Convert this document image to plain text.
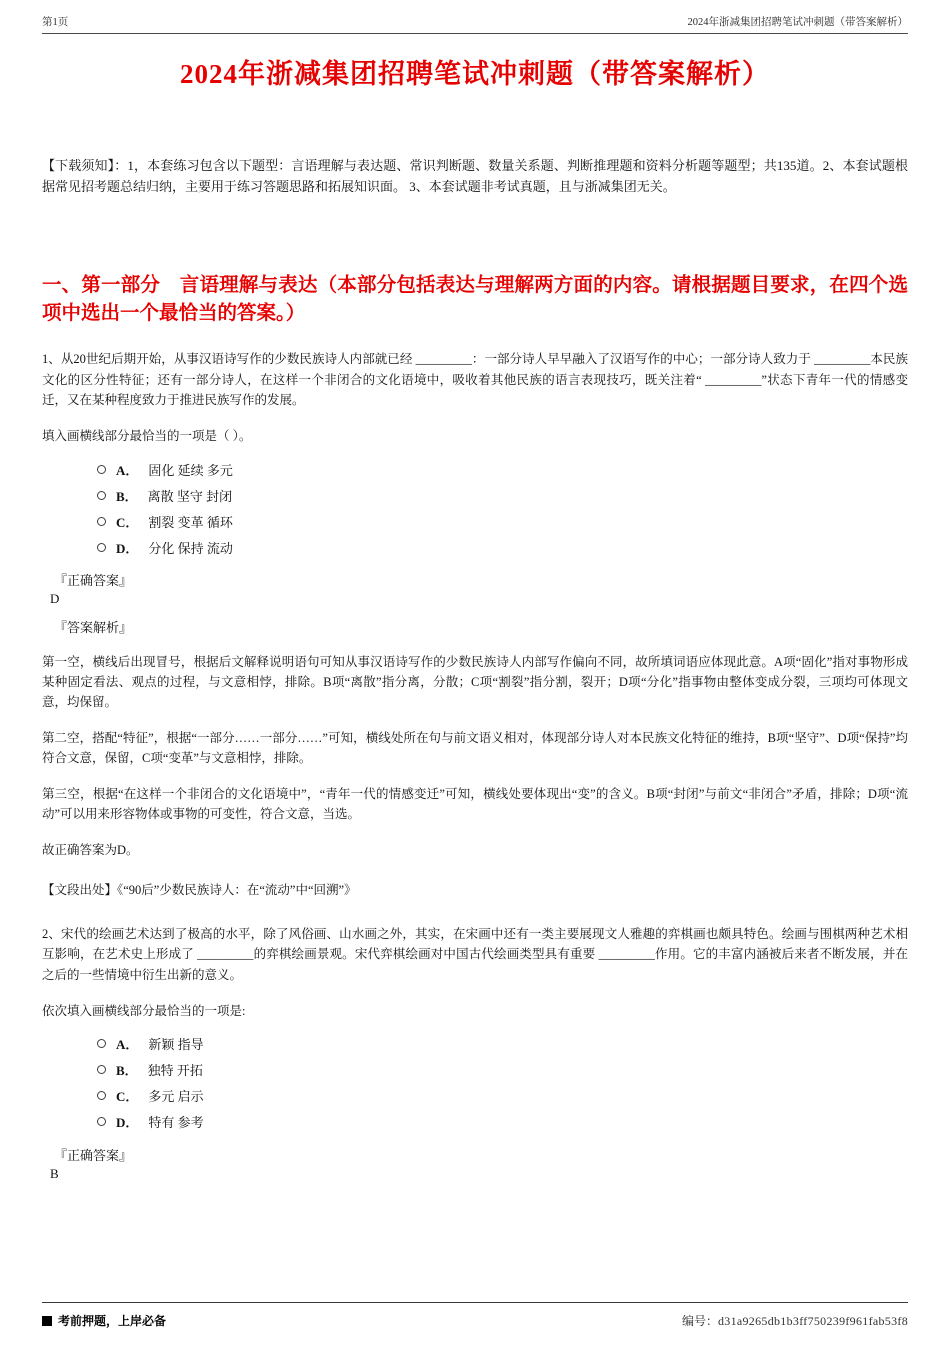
第1页	2024年浙减集团招聘笔试冲刺题（带答案解析）
2024年浙减集团招聘笔试冲刺题（带答案解析）

【下载须知】：1，本套练习包含以下题型：言语理解与表达题、常识判断题、数量关系题、判断推理题和资料分析题等题型；共135道。2、本套试题根据常见招考题总结归纳，主要用于练习答题思路和拓展知识面。 3、本套试题非考试真题，且与浙减集团无关。

一、第一部分　言语理解与表达（本部分包括表达与理解两方面的内容。请根据题目要求，在四个选项中选出一个最恰当的答案。）

1、从20世纪后期开始，从事汉语诗写作的少数民族诗人内部就已经 _________：一部分诗人早早融入了汉语写作的中心；一部分诗人致力于 _________本民族文化的区分性特征；还有一部分诗人，在这样一个非闭合的文化语境中，吸收着其他民族的语言表现技巧，既关注着“ _________”状态下青年一代的情感变迁，又在某种程度致力于推进民族写作的发展。

填入画横线部分最恰当的一项是（ ）。

A． 固化 延续 多元
B． 离散 坚守 封闭
C． 割裂 变革 循环
D． 分化 保持 流动

『正确答案』

D

『答案解析』

第一空，横线后出现冒号，根据后文解释说明语句可知从事汉语诗写作的少数民族诗人内部写作偏向不同，故所填词语应体现此意。A项“固化”指对事物形成某种固定看法、观点的过程，与文意相悖，排除。B项“离散”指分离，分散；C项“割裂”指分割，裂开；D项“分化”指事物由整体变成分裂，三项均可体现文意，均保留。

第二空，搭配“特征”，根据“一部分……一部分……”可知，横线处所在句与前文语义相对，体现部分诗人对本民族文化特征的维持，B项“坚守”、D项“保持”均符合文意，保留，C项“变革”与文意相悖，排除。

第三空，根据“在这样一个非闭合的文化语境中”，“青年一代的情感变迁”可知，横线处要体现出“变”的含义。B项“封闭”与前文“非闭合”矛盾，排除；D项“流动”可以用来形容物体或事物的可变性，符合文意，当选。

故正确答案为D。

【文段出处】《“90后”少数民族诗人：在“流动”中“回溯”》

2、宋代的绘画艺术达到了极高的水平，除了风俗画、山水画之外，其实，在宋画中还有一类主要展现文人雅趣的弈棋画也颇具特色。绘画与围棋两种艺术相互影响，在艺术史上形成了 _________的弈棋绘画景观。宋代弈棋绘画对中国古代绘画类型具有重要 _________作用。它的丰富内涵被后来者不断发展，并在之后的一些情境中衍生出新的意义。

依次填入画横线部分最恰当的一项是:

A． 新颖 指导
B． 独特 开拓
C． 多元 启示
D． 特有 参考

『正确答案』

B

考前押题，上岸必备	编号：d31a9265db1b3ff750239f961fab53f8
